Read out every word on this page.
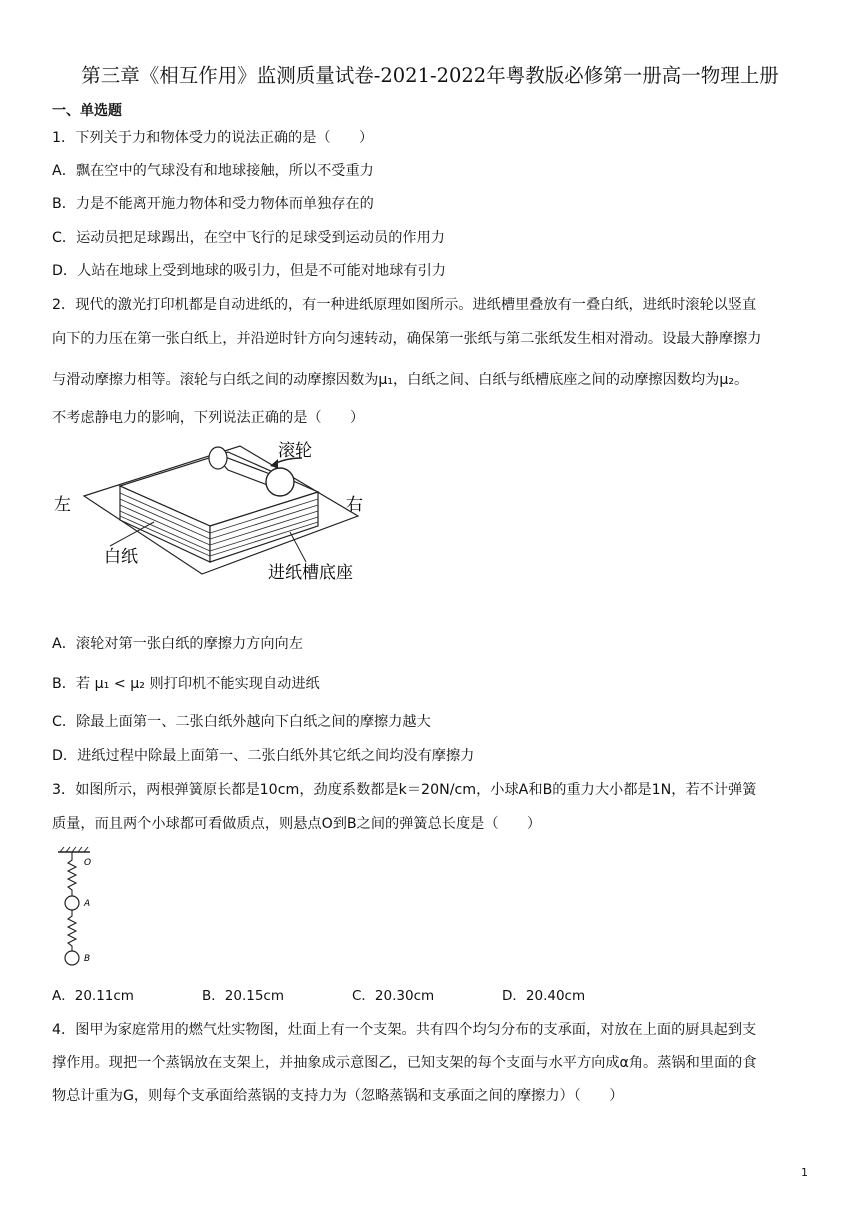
第三章《相互作用》监测质量试卷-2021-2022年粤教版必修第一册高一物理上册
一、单选题
1．下列关于力和物体受力的说法正确的是（　　）
A．飘在空中的气球没有和地球接触，所以不受重力
B．力是不能离开施力物体和受力物体而单独存在的
C．运动员把足球踢出，在空中飞行的足球受到运动员的作用力
D．人站在地球上受到地球的吸引力，但是不可能对地球有引力
2．现代的激光打印机都是自动进纸的，有一种进纸原理如图所示。进纸槽里叠放有一叠白纸，进纸时滚轮以竖直
向下的力压在第一张白纸上，并沿逆时针方向匀速转动，确保第一张纸与第二张纸发生相对滑动。设最大静摩擦力
与滑动摩擦力相等。滚轮与白纸之间的动摩擦因数为μ₁，白纸之间、白纸与纸槽底座之间的动摩擦因数均为μ₂。
不考虑静电力的影响，下列说法正确的是（　　）
滚轮
左	右
白纸
进纸槽底座
A．滚轮对第一张白纸的摩擦力方向向左
B．若 μ₁ < μ₂ 则打印机不能实现自动进纸
C．除最上面第一、二张白纸外越向下白纸之间的摩擦力越大
D．进纸过程中除最上面第一、二张白纸外其它纸之间均没有摩擦力
3．如图所示，两根弹簧原长都是10cm，劲度系数都是k＝20N/cm，小球A和B的重力大小都是1N，若不计弹簧
质量，而且两个小球都可看做质点，则悬点O到B之间的弹簧总长度是（　　）
O
A
B
A．20.11cm	B．20.15cm	C．20.30cm	D．20.40cm
4．图甲为家庭常用的燃气灶实物图，灶面上有一个支架。共有四个均匀分布的支承面，对放在上面的厨具起到支
撑作用。现把一个蒸锅放在支架上，并抽象成示意图乙，已知支架的每个支面与水平方向成α角。蒸锅和里面的食
物总计重为G，则每个支承面给蒸锅的支持力为（忽略蒸锅和支承面之间的摩擦力）（　　）
1
